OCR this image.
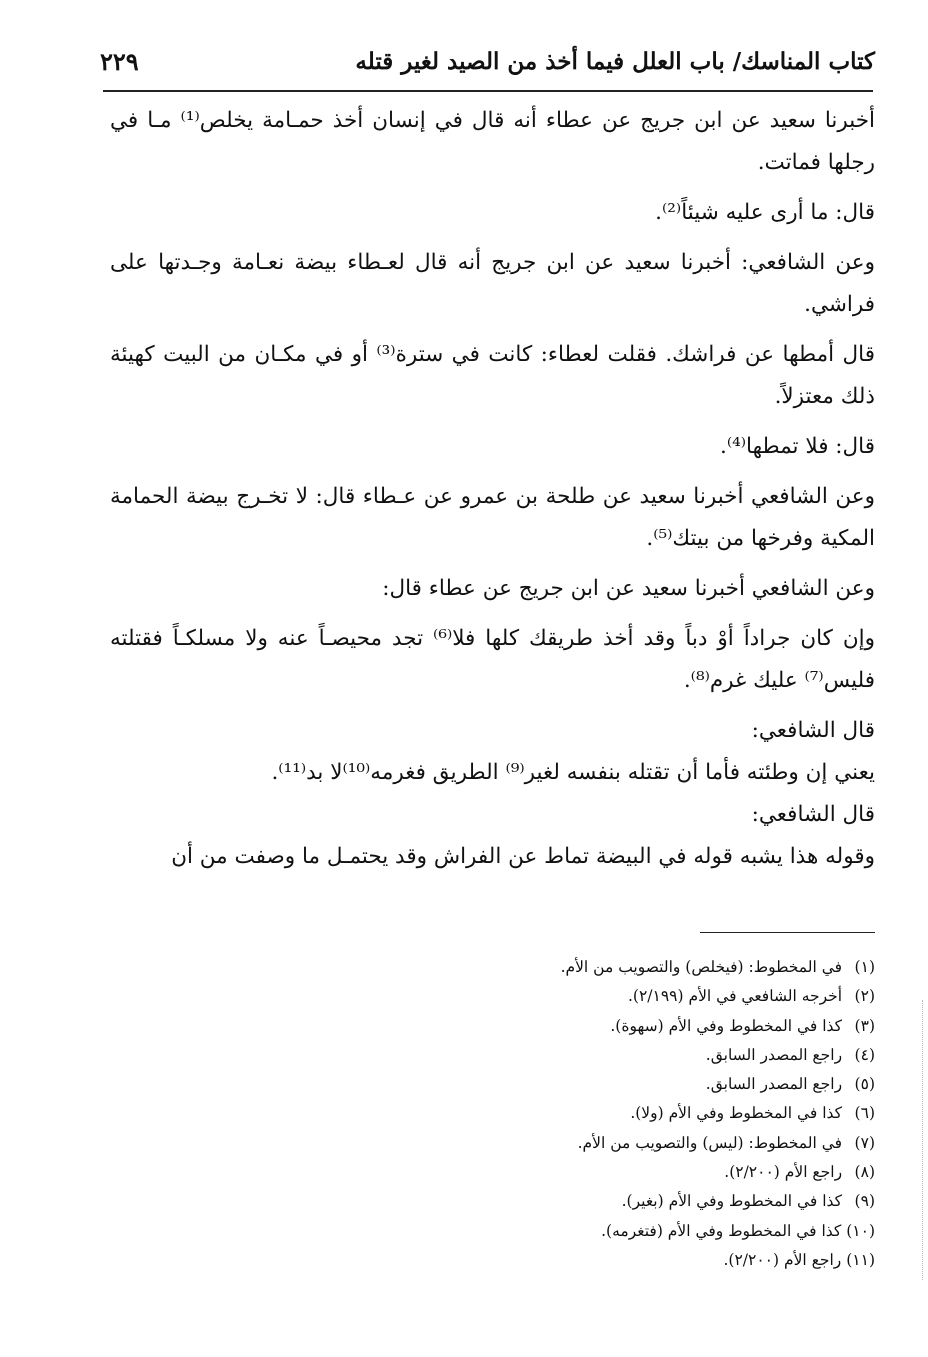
كتاب المناسك/ باب العلل فيما أخذ من الصيد لغير قتله
٢٢٩

أخبرنا سعيد عن ابن جريج عن عطاء أنه قال في إنسان أخذ حمـامة يخلص⁽¹⁾ مـا في رجلها فماتت.

قال: ما أرى عليه شيئاً⁽²⁾.

وعن الشافعي: أخبرنا سعيد عن ابن جريج أنه قال لعـطاء بيضة نعـامة وجـدتها على فراشي.

قال أمطها عن فراشك. فقلت لعطاء: كانت في سترة⁽³⁾ أو في مكـان من البيت كهيئة ذلك معتزلاً.

قال: فلا تمطها⁽⁴⁾.

وعن الشافعي أخبرنا سعيد عن طلحة بن عمرو عن عـطاء قال: لا تخـرج بيضة الحمامة المكية وفرخها من بيتك⁽⁵⁾.

وعن الشافعي أخبرنا سعيد عن ابن جريج عن عطاء قال:

وإن كان جراداً أوْ دباً وقد أخذ طريقك كلها فلا⁽⁶⁾ تجد محيصـاً عنه ولا مسلكـاً فقتلته فليس⁽⁷⁾ عليك غرم⁽⁸⁾.

قال الشافعي:

يعني إن وطئته فأما أن تقتله بنفسه لغير⁽⁹⁾ الطريق فغرمه⁽¹⁰⁾لا بد⁽¹¹⁾.

قال الشافعي:

وقوله هذا يشبه قوله في البيضة تماط عن الفراش وقد يحتمـل ما وصفت من أن

(١) في المخطوط: (فيخلص) والتصويب من الأم.

(٢) أخرجه الشافعي في الأم (٢/١٩٩).

(٣) كذا في المخطوط وفي الأم (سهوة).

(٤) راجع المصدر السابق.

(٥) راجع المصدر السابق.

(٦) كذا في المخطوط وفي الأم (ولا).

(٧) في المخطوط: (ليس) والتصويب من الأم.

(٨) راجع الأم (٢/٢٠٠).

(٩) كذا في المخطوط وفي الأم (بغير).

(١٠) كذا في المخطوط وفي الأم (فتغرمه).

(١١) راجع الأم (٢/٢٠٠).
